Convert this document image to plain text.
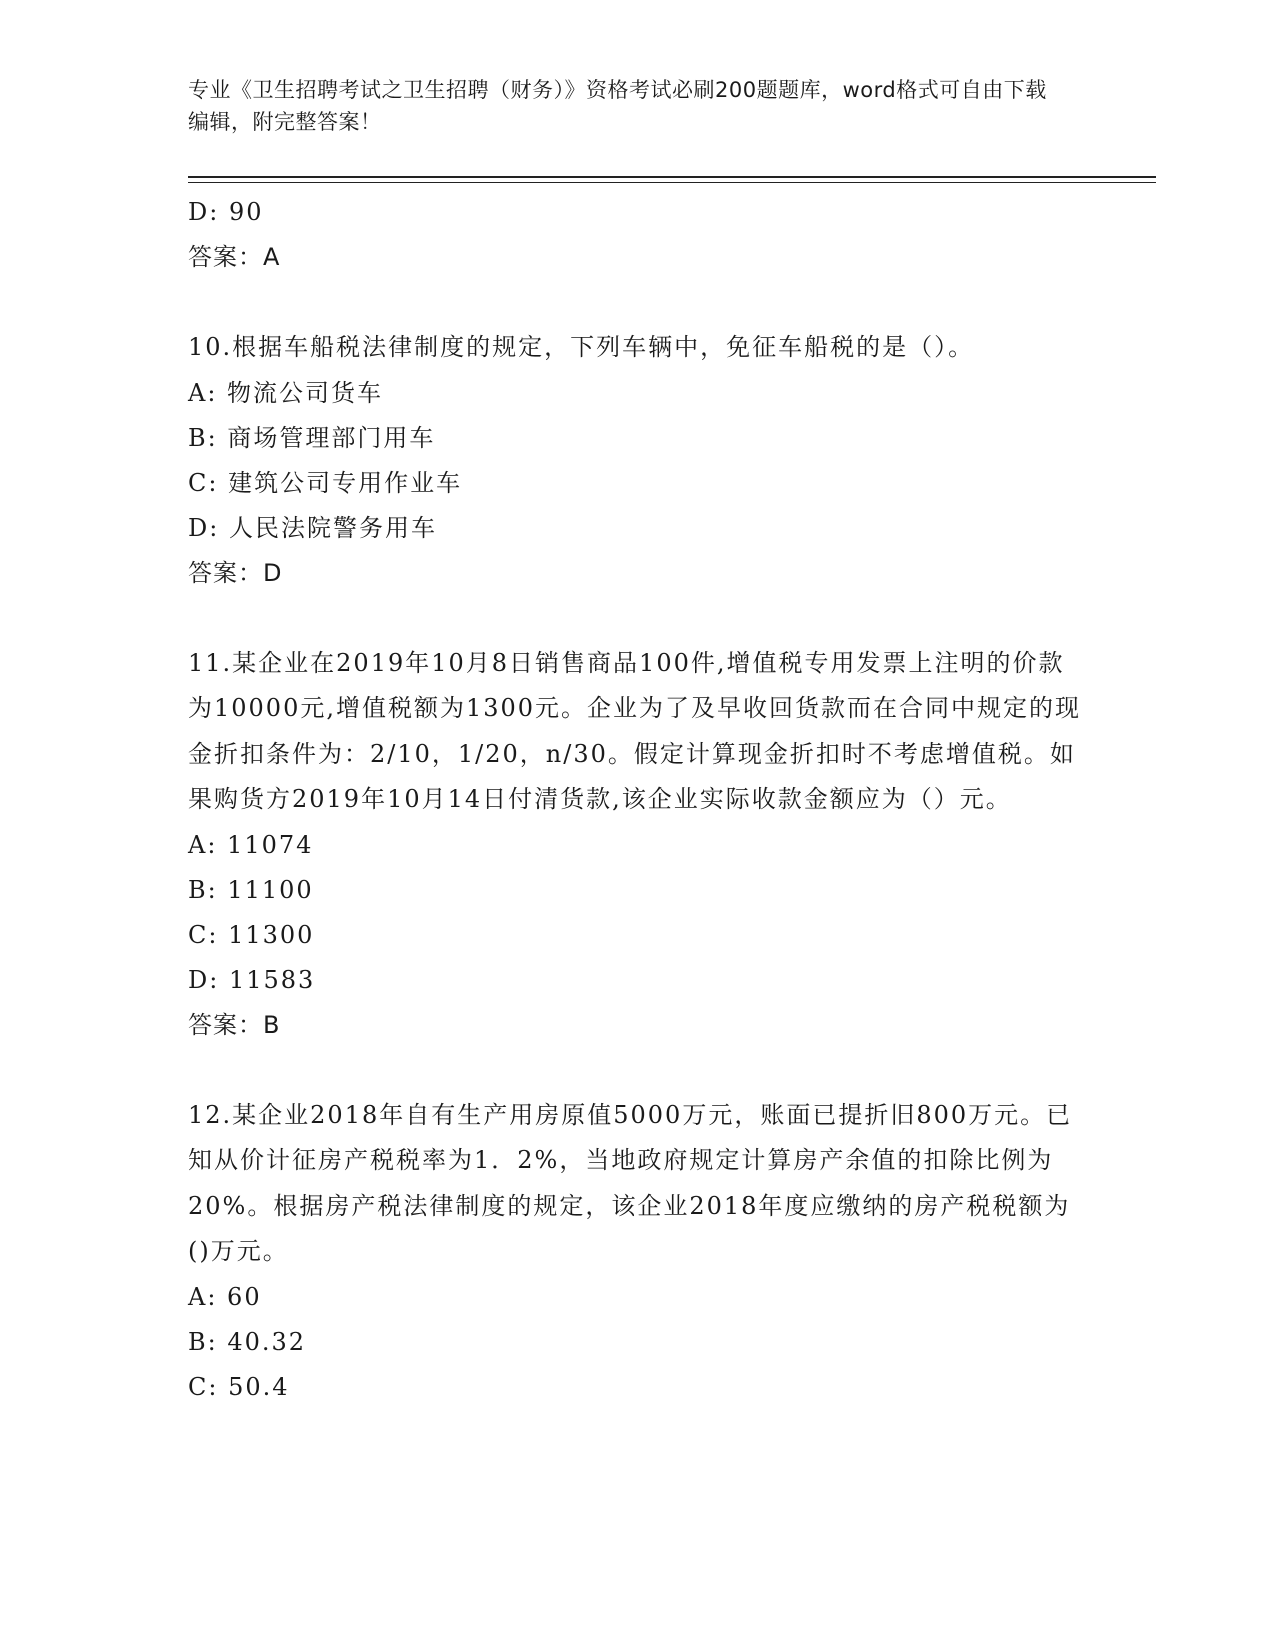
专业《卫生招聘考试之卫生招聘（财务）》资格考试必刷200题题库，word格式可自由下载编辑，附完整答案！
D: 90
答案：A
10.根据车船税法律制度的规定，下列车辆中，免征车船税的是（）。
A: 物流公司货车
B: 商场管理部门用车
C: 建筑公司专用作业车
D: 人民法院警务用车
答案：D
11.某企业在2019年10月8日销售商品100件,增值税专用发票上注明的价款为10000元,增值税额为1300元。企业为了及早收回货款而在合同中规定的现金折扣条件为：2/10，1/20，n/30。假定计算现金折扣时不考虑增值税。如果购货方2019年10月14日付清货款,该企业实际收款金额应为（）元。
A: 11074
B: 11100
C: 11300
D: 11583
答案：B
12.某企业2018年自有生产用房原值5000万元，账面已提折旧800万元。已知从价计征房产税税率为1．2%，当地政府规定计算房产余值的扣除比例为20%。根据房产税法律制度的规定，该企业2018年度应缴纳的房产税税额为()万元。
A: 60
B: 40.32
C: 50.4
